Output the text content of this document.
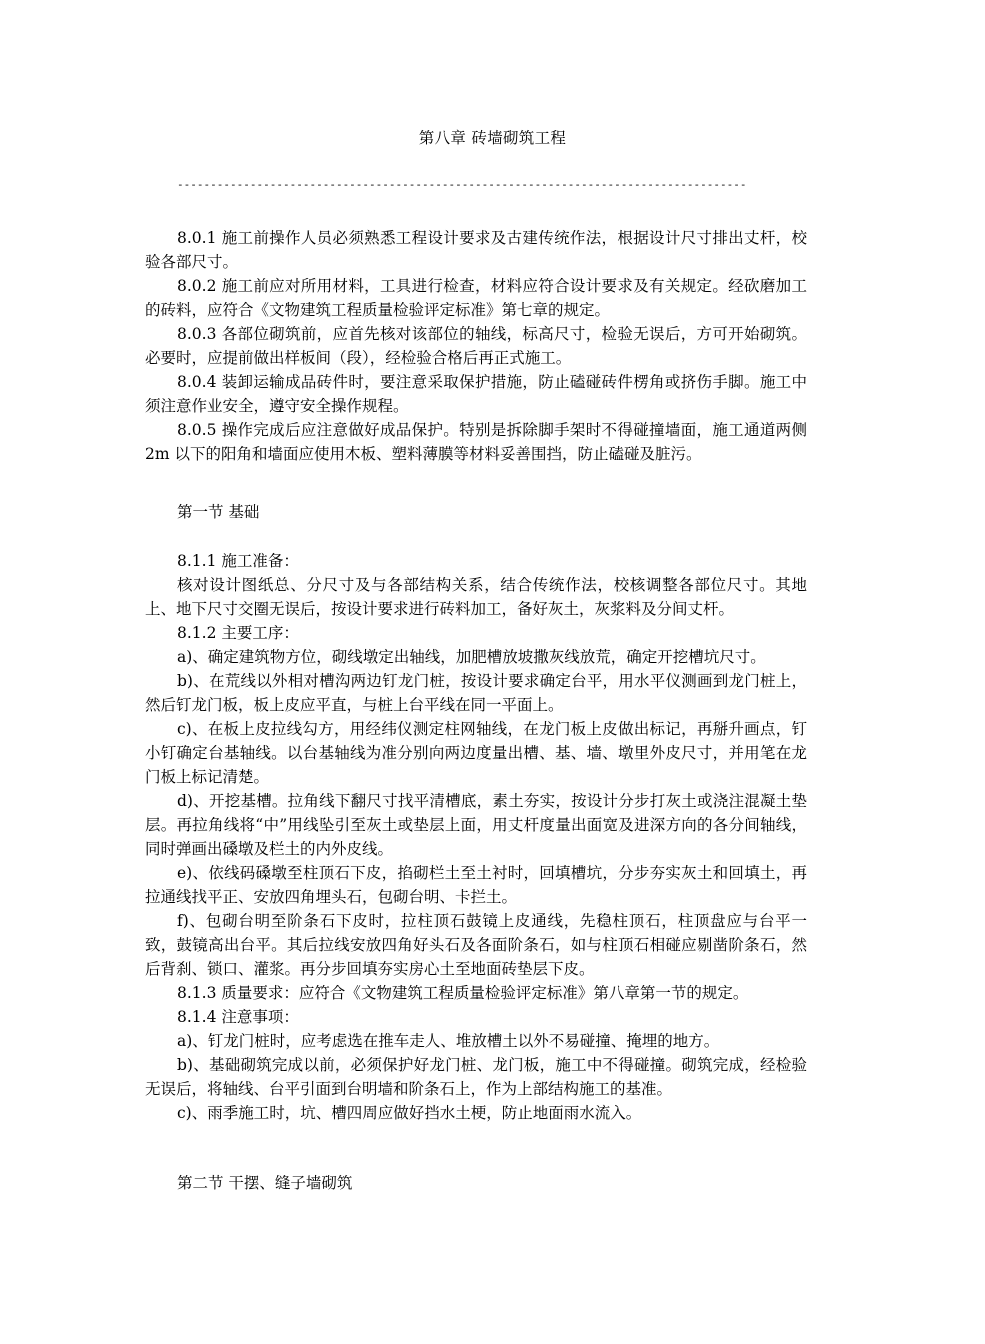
第八章 砖墙砌筑工程
--------------------------------------------------------------------------------------

8.0.1 施工前操作人员必须熟悉工程设计要求及古建传统作法，根据设计尺寸排出丈杆，校验各部尺寸。

8.0.2 施工前应对所用材料，工具进行检查，材料应符合设计要求及有关规定。经砍磨加工的砖料，应符合《文物建筑工程质量检验评定标准》第七章的规定。

8.0.3 各部位砌筑前，应首先核对该部位的轴线，标高尺寸，检验无误后，方可开始砌筑。必要时，应提前做出样板间（段），经检验合格后再正式施工。

8.0.4 装卸运输成品砖件时，要注意采取保护措施，防止磕碰砖件楞角或挤伤手脚。施工中须注意作业安全，遵守安全操作规程。

8.0.5 操作完成后应注意做好成品保护。特别是拆除脚手架时不得碰撞墙面，施工通道两侧 2m 以下的阳角和墙面应使用木板、塑料薄膜等材料妥善围挡，防止磕碰及脏污。

第一节 基础

8.1.1 施工准备：

核对设计图纸总、分尺寸及与各部结构关系，结合传统作法，校核调整各部位尺寸。其地上、地下尺寸交圈无误后，按设计要求进行砖料加工，备好灰土，灰浆料及分间丈杆。

8.1.2 主要工序：

a)、确定建筑物方位，砌线墩定出轴线，加肥槽放坡撒灰线放荒，确定开挖槽坑尺寸。

b)、在荒线以外相对槽沟两边钉龙门桩，按设计要求确定台平，用水平仪测画到龙门桩上，然后钉龙门板，板上皮应平直，与桩上台平线在同一平面上。

c)、在板上皮拉线勾方，用经纬仪测定柱网轴线，在龙门板上皮做出标记，再掰升画点，钉小钉确定台基轴线。以台基轴线为准分别向两边度量出槽、基、墙、墩里外皮尺寸，并用笔在龙门板上标记清楚。

d)、开挖基槽。拉角线下翻尺寸找平清槽底，素土夯实，按设计分步打灰土或浇注混凝土垫层。再拉角线将“中”用线坠引至灰土或垫层上面，用丈杆度量出面宽及进深方向的各分间轴线，同时弹画出磉墩及栏土的内外皮线。

e)、依线码磉墩至柱顶石下皮，掐砌栏土至土衬时，回填槽坑，分步夯实灰土和回填土，再拉通线找平正、安放四角埋头石，包砌台明、卡拦土。

f)、包砌台明至阶条石下皮时，拉柱顶石鼓镜上皮通线，先稳柱顶石，柱顶盘应与台平一致，鼓镜高出台平。其后拉线安放四角好头石及各面阶条石，如与柱顶石相碰应剔凿阶条石，然后背刹、锁口、灌浆。再分步回填夯实房心土至地面砖垫层下皮。

8.1.3 质量要求：应符合《文物建筑工程质量检验评定标准》第八章第一节的规定。

8.1.4 注意事项：

a)、钉龙门桩时，应考虑选在推车走人、堆放槽土以外不易碰撞、掩埋的地方。

b)、基础砌筑完成以前，必须保护好龙门桩、龙门板，施工中不得碰撞。砌筑完成，经检验无误后，将轴线、台平引面到台明墙和阶条石上，作为上部结构施工的基准。

c)、雨季施工时，坑、槽四周应做好挡水土梗，防止地面雨水流入。

第二节 干摆、缝子墙砌筑
